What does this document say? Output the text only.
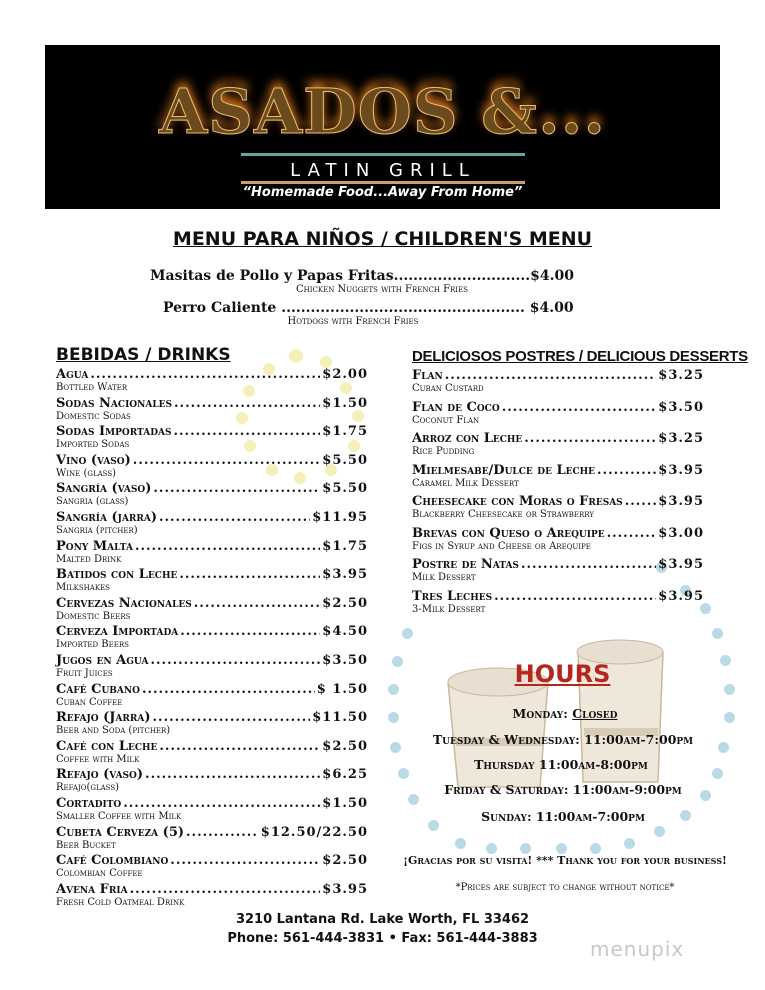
ASADOS &...
LATIN GRILL
“Homemade Food...Away From Home”
MENU PARA NIÑOS / CHILDREN'S MENU
Masitas de Pollo y Papas Fritas............................$4.00
Chicken Nuggets with French Fries
Perro Caliente .................................................. $4.00
Hotdogs with French Fries
BEBIDAS / DRINKS
Agua .....	$2.00
Bottled Water
Sodas Nacionales .....	$1.50
Domestic Sodas
Sodas Importadas .....	$1.75
Imported Sodas
Vino (vaso) .....	$5.50
Wine (glass)
Sangría (vaso) .....	$5.50
Sangria (glass)
Sangría (jarra) .....	$11.95
Sangria (pitcher)
Pony Malta .....	$1.75
Malted Drink
Batidos con Leche .....	$3.95
Milkshakes
Cervezas Nacionales .....	$2.50
Domestic Beers
Cerveza Importada .....	$4.50
Imported Beers
Jugos en Agua .....	$3.50
Fruit Juices
Café Cubano .....	$ 1.50
Cuban Coffee
Refajo (Jarra) .....	$11.50
Beer and Soda (pitcher)
Café con Leche .....	$2.50
Coffee with Milk
Refajo (vaso) .....	$6.25
Refajo(glass)
Cortadito .....	$1.50
Smaller Coffee with Milk
Cubeta Cerveza (5) .....	$12.50/22.50
Beer Bucket
Café Colombiano .....	$2.50
Colombian Coffee
Avena Fria .....	$3.95
Fresh Cold Oatmeal Drink
DELICIOSOS POSTRES / DELICIOUS DESSERTS
Flan .....	$3.25
Cuban Custard
Flan de Coco .....	$3.50
Coconut Flan
Arroz con Leche .....	$3.25
Rice Pudding
Mielmesabe/Dulce de Leche .....	$3.95
Caramel Milk Dessert
Cheesecake con Moras o Fresas .....	$3.95
Blackberry Cheesecake or Strawberry
Brevas con Queso o Arequipe .....	$3.00
Figs in Syrup and Cheese or Arequipe
Postre de Natas .....	$3.95
Milk Dessert
Tres Leches .....	$3.95
3-Milk Dessert
HOURS
Monday: Closed
Tuesday & Wednesday: 11:00am-7:00pm
Thursday 11:00am-8:00pm
Friday & Saturday: 11:00am-9:00pm
Sunday: 11:00am-7:00pm
¡Gracias por su visita! *** Thank you for your business!
*Prices are subject to change without notice*
3210 Lantana Rd. Lake Worth, FL 33462
Phone: 561-444-3831 • Fax: 561-444-3883	menupix
